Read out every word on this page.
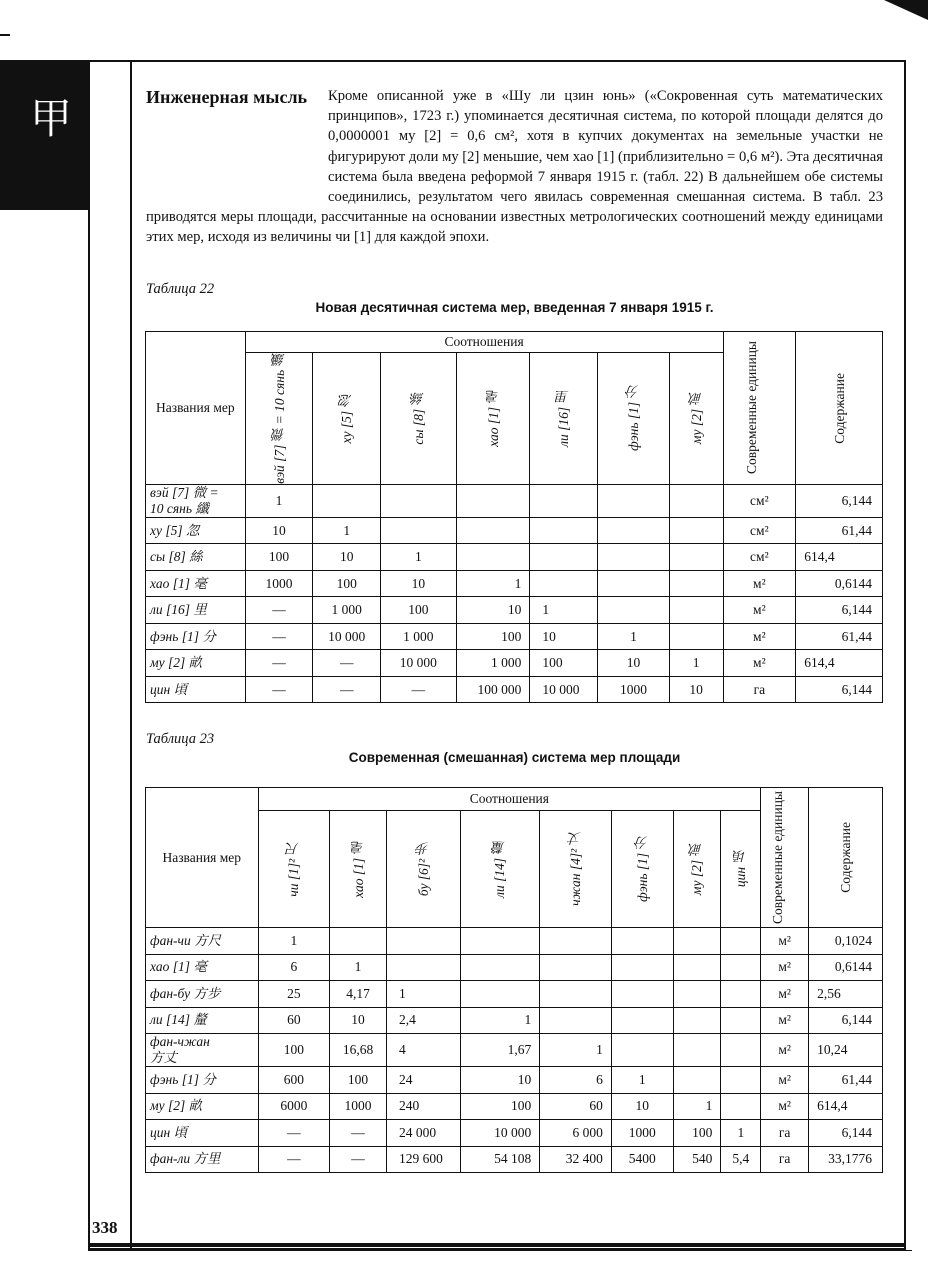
甲
338
Кроме описанной уже в «Шу ли цзин юнь» («Сокровенная суть математических принципов», 1723 г.) упоминается десятичная система, по которой площади делятся до 0,0000001 му [2] = 0,6 см², хотя в купчих документах на земельные участки не фигурируют доли му [2] меньшие, чем хао [1] (приблизительно = 0,6 м²). Эта десятичная система была введена реформой 7 января 1915 г. (табл. 22) В дальнейшем обе системы соединились, результатом чего явилась современная смешанная система. В табл. 23 приводятся меры площади, рассчитанные на основании известных метрологических соотношений между единицами этих мер, исходя из величины чи [1] для каждой эпохи.
Инженерная мысль
Таблица 22
Новая десятичная система мер, введенная 7 января 1915 г.
Названия мер	Соотношения							Современные единицы	Содержание

	вэй [7] 微 = 10 сянь 纖	ху [5] 忽	сы [8] 絲	хао [1] 毫	ли [16] 里	фэнь [1] 分	му [2] 畝		

вэй [7] 微 =
10 сянь 纖	1							см²	6,144
ху [5] 忽	10	1						см²	61,44
сы [8] 絲	100	10	1					см²	614,4
хао [1] 毫	1000	100	10	1				м²	0,6144
ли [16] 里	—	1 000	100	10	1			м²	6,144
фэнь [1] 分	—	10 000	1 000	100	10	1		м²	61,44
му [2] 畝	—	—	10 000	1 000	100	10	1	м²	614,4
цин 頃	—	—	—	100 000	10 000	1000	10	га	6,144
Таблица 23
Современная (смешанная) система мер площади
Названия мер	Соотношения								Современные единицы	Содержание

	чи [1]² 尺	хао [1] 毫	бу [6]² 步	ли [14] 釐	чжан [4]² 丈	фэнь [1] 分	му [2] 畝	цин 頃		

фан-чи 方尺	1								м²	0,1024
хао [1] 毫	6	1							м²	0,6144
фан-бу 方步	25	4,17	1						м²	2,56
ли [14] 釐	60	10	2,4	1					м²	6,144
фан-чжан
方丈	100	16,68	4	1,67	1				м²	10,24
фэнь [1] 分	600	100	24	10	6	1			м²	61,44
му [2] 畝	6000	1000	240	100	60	10	1		м²	614,4
цин 頃	—	—	24 000	10 000	6 000	1000	100	1	га	6,144
фан-ли 方里	—	—	129 600	54 108	32 400	5400	540	5,4	га	33,1776
